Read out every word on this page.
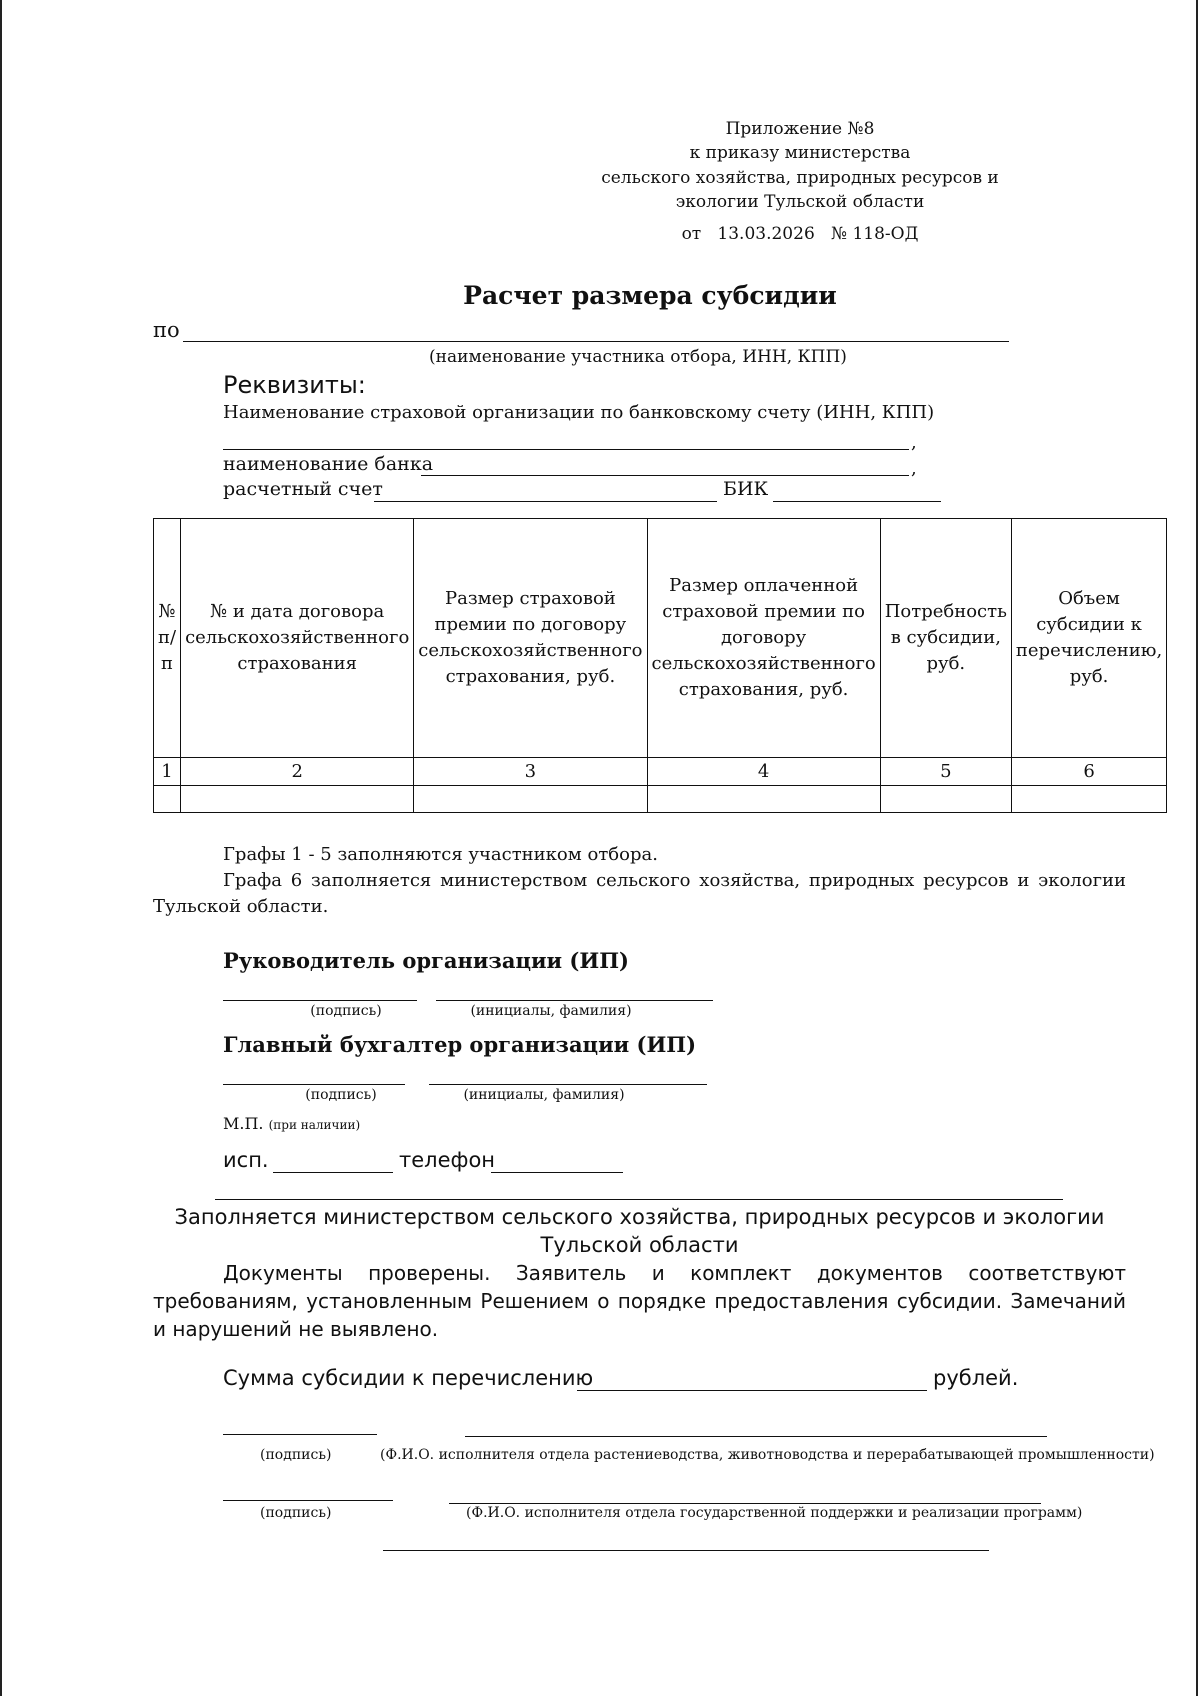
Приложение №8
к приказу министерства
сельского хозяйства, природных ресурсов и
экологии Тульской области
от 13.03.2026 № 118-ОД
Расчет размера субсидии
по
(наименование участника отбора, ИНН, КПП)
Реквизиты:
Наименование страховой организации по банковскому счету (ИНН, КПП)
,
наименование банка	,
расчетный счет	БИК
№ п/п	№ и дата договора сельскохозяйственного страхования	Размер страховой премии по договору сельскохозяйственного страхования, руб.	Размер оплаченной страховой премии по договору сельскохозяйственного страхования, руб.	Потребность в субсидии, руб.	Объем субсидии к перечислению, руб.
1	2	3	4	5	6

Графы 1 - 5 заполняются участником отбора.
Графа 6 заполняется министерством сельского хозяйства, природных ресурсов и экологии Тульской области.
Руководитель организации (ИП)
(подпись)	(инициалы, фамилия)
Главный бухгалтер организации (ИП)
(подпись)	(инициалы, фамилия)
М.П. (при наличии)
исп.	телефон
Заполняется министерством сельского хозяйства, природных ресурсов и экологии Тульской области
Документы проверены. Заявитель и комплект документов соответствуют требованиям, установленным Решением о порядке предоставления субсидии. Замечаний и нарушений не выявлено.
Сумма субсидии к перечислению	рублей.
(подпись)	(Ф.И.О. исполнителя отдела растениеводства, животноводства и перерабатывающей промышленности)
(подпись)	(Ф.И.О. исполнителя отдела государственной поддержки и реализации программ)
